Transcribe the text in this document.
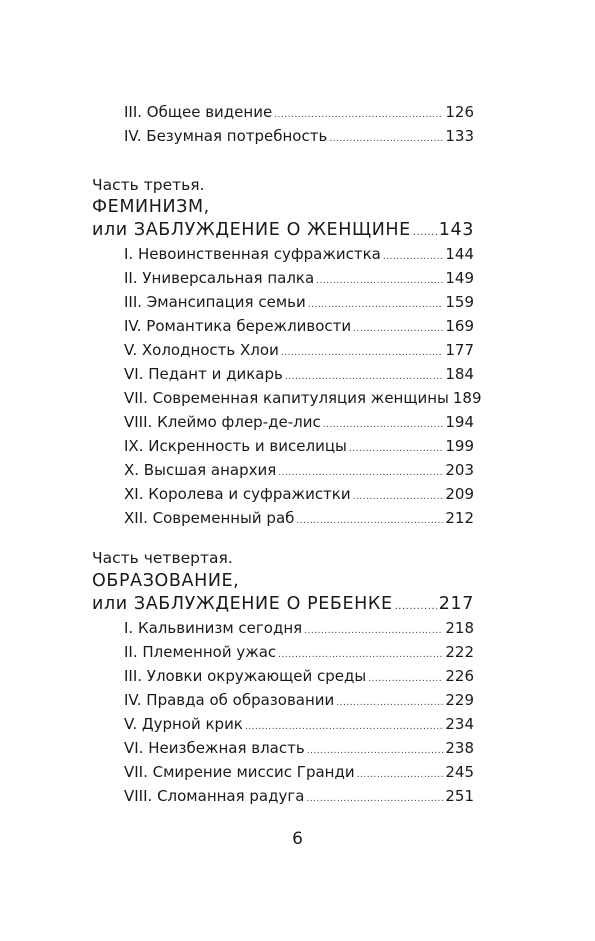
III. Общее видение .....	126
IV. Безумная потребность .....	133
Часть третья.
ФЕМИНИЗМ,
или ЗАБЛУЖДЕНИЕ О ЖЕНЩИНЕ ..... 143
I. Невоинственная суфражистка .....	144
II. Универсальная палка .....	149
III. Эмансипация семьи .....	159
IV. Романтика бережливости .....	169
V. Холодность Хлои .....	177
VI. Педант и дикарь .....	184
VII. Современная капитуляция женщины 189
VIII. Клеймо флер-де-лис .....	194
IX. Искренность и виселицы .....	199
X. Высшая анархия .....	203
XI. Королева и суфражистки .....	209
XII. Современный раб .....	212
Часть четвертая.
ОБРАЗОВАНИЕ,
или ЗАБЛУЖДЕНИЕ О РЕБЕНКЕ .....	217
I. Кальвинизм сегодня .....	218
II. Племенной ужас .....	222
III. Уловки окружающей среды .....	226
IV. Правда об образовании .....	229
V. Дурной крик .....	234
VI. Неизбежная власть .....	238
VII. Смирение миссис Гранди .....	245
VIII. Сломанная радуга .....	251
6
